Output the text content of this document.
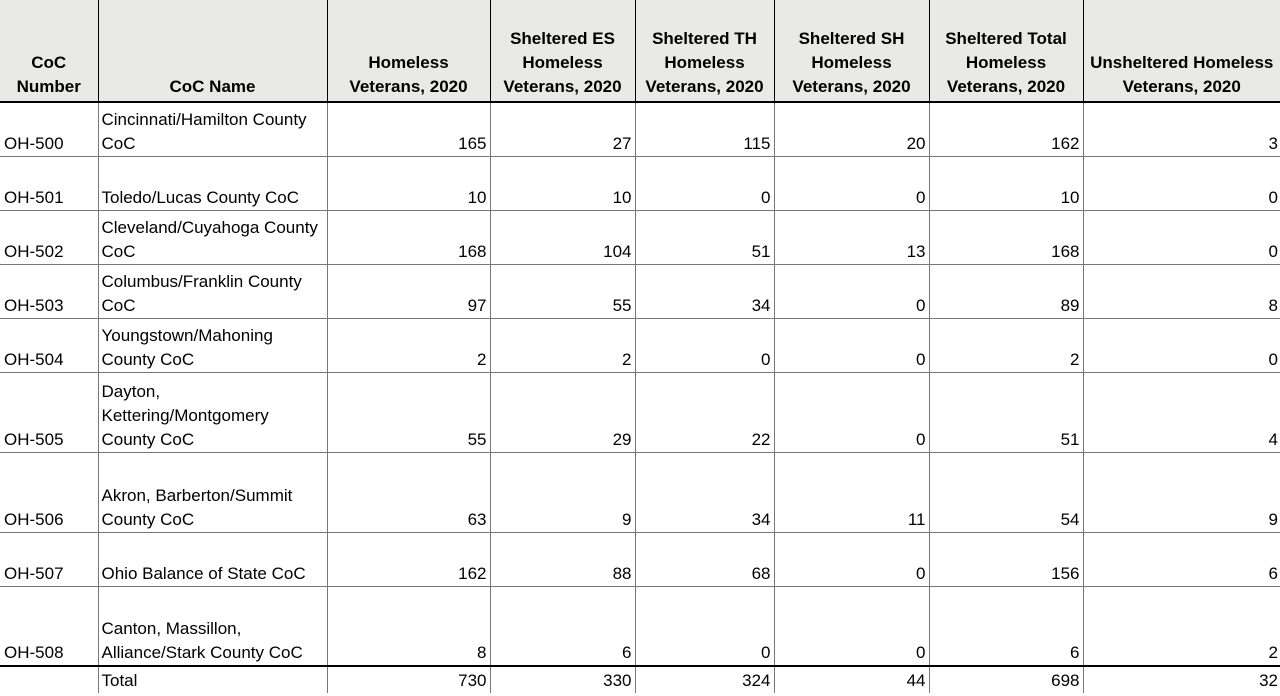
CoC Number	CoC Name	Homeless Veterans, 2020	Sheltered ES Homeless Veterans, 2020	Sheltered TH Homeless Veterans, 2020	Sheltered SH Homeless Veterans, 2020	Sheltered Total Homeless Veterans, 2020	Unsheltered Homeless Veterans, 2020
OH-500	Cincinnati/Hamilton County CoC	165	27	115	20	162	3
OH-501	Toledo/Lucas County CoC	10	10	0	0	10	0
OH-502	Cleveland/Cuyahoga County CoC	168	104	51	13	168	0
OH-503	Columbus/Franklin County CoC	97	55	34	0	89	8
OH-504	Youngstown/Mahoning County CoC	2	2	0	0	2	0
OH-505	Dayton, Kettering/Montgomery County CoC	55	29	22	0	51	4
OH-506	Akron, Barberton/Summit County CoC	63	9	34	11	54	9
OH-507	Ohio Balance of State CoC	162	88	68	0	156	6
OH-508	Canton, Massillon, Alliance/Stark County CoC	8	6	0	0	6	2
	Total	730	330	324	44	698	32
